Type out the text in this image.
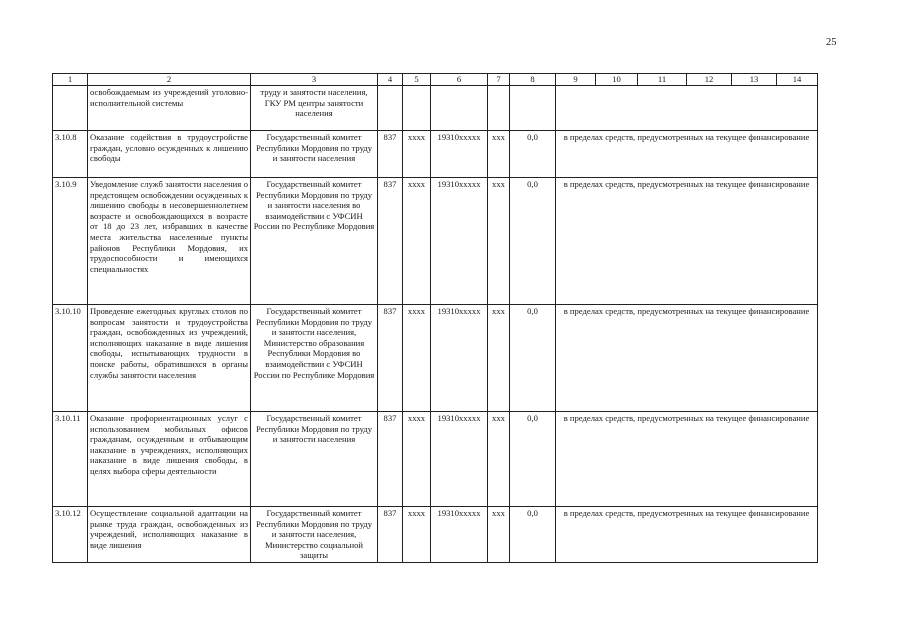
25
1	2	3	4	5	6	7	8	9	10	11	12	13	14
	освобождаемым из учреждений уголовно-исполнительной системы	труду и занятости населения, ГКУ РМ центры занятости населения											
3.10.8	Оказание содействия в трудоустройстве граждан, условно осужденных к лишению свободы	Государственный комитет Республики Мордовия по труду и занятости населения	837	хххх	19310ххххх	ххх	0,0	в пределах средств, предусмотренных на текущее финансирование					
3.10.9	Уведомление служб занятости населения о предстоящем освобождении осужденных к лишению свободы в несовершеннолетнем возрасте и освобождающихся в возрасте от 18 до 23 лет, избравших в качестве места жительства населенные пункты районов Республики Мордовия, их трудоспособности и имеющихся специальностях	Государственный комитет Республики Мордовия по труду и занятости населения во взаимодействии с УФСИН России по Республике Мордовия	837	хххх	19310ххххх	ххх	0,0	в пределах средств, предусмотренных на текущее финансирование					
3.10.10	Проведение ежегодных круглых столов по вопросам занятости и трудоустройства граждан, освобожденных из учреждений, исполняющих наказание в виде лишения свободы, испытывающих трудности в поиске работы, обратившихся в органы службы занятости населения	Государственный комитет Республики Мордовия по труду и занятости населения, Министерство образования Республики Мордовия во взаимодействии с УФСИН России по Республике Мордовия	837	хххх	19310ххххх	ххх	0,0	в пределах средств, предусмотренных на текущее финансирование					
3.10.11	Оказание профориентационных услуг с использованием мобильных офисов гражданам, осужденным и отбывающим наказание в учреждениях, исполняющих наказание в виде лишения свободы, в целях выбора сферы деятельности	Государственный комитет Республики Мордовия по труду и занятости населения	837	хххх	19310ххххх	ххх	0,0	в пределах средств, предусмотренных на текущее финансирование					
3.10.12	Осуществление социальной адаптации на рынке труда граждан, освобожденных из учреждений, исполняющих наказание в виде лишения	Государственный комитет Республики Мордовия по труду и занятости населения, Министерство социальной защиты	837	хххх	19310ххххх	ххх	0,0	в пределах средств, предусмотренных на текущее финансирование					
